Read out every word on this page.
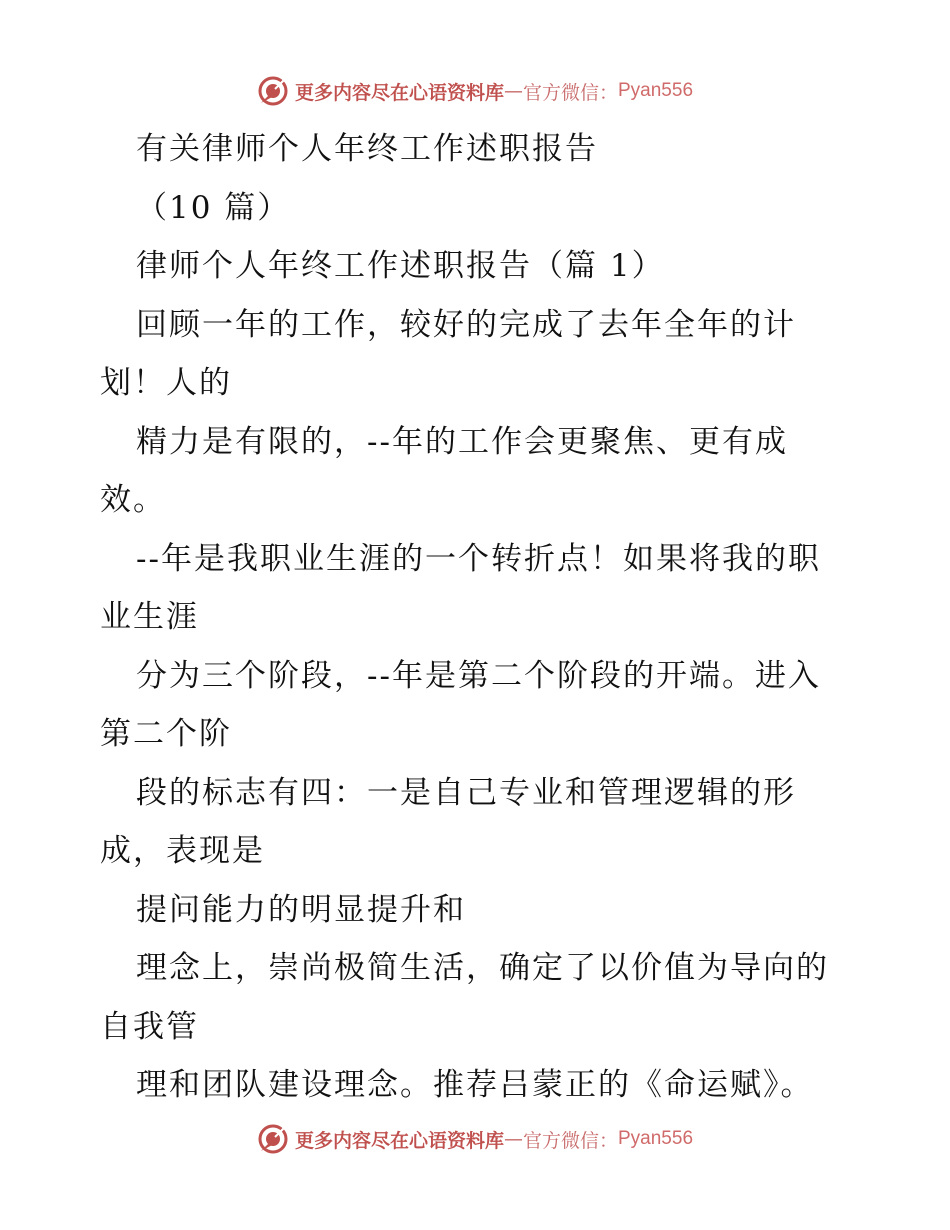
更多内容尽在心语资料库 — 官方微信： Pyan556
有关律师个人年终工作述职报告
（10 篇）
律师个人年终工作述职报告（篇 1）
回顾一年的工作，较好的完成了去年全年的计
划！人的
精力是有限的，--年的工作会更聚焦、更有成
效。
--年是我职业生涯的一个转折点！如果将我的职
业生涯
分为三个阶段，--年是第二个阶段的开端。进入
第二个阶
段的标志有四：一是自己专业和管理逻辑的形
成，表现是
提问能力的明显提升和
理念上，崇尚极简生活，确定了以价值为导向的
自我管
理和团队建设理念。推荐吕蒙正的《命运赋》。
更多内容尽在心语资料库 — 官方微信： Pyan556
